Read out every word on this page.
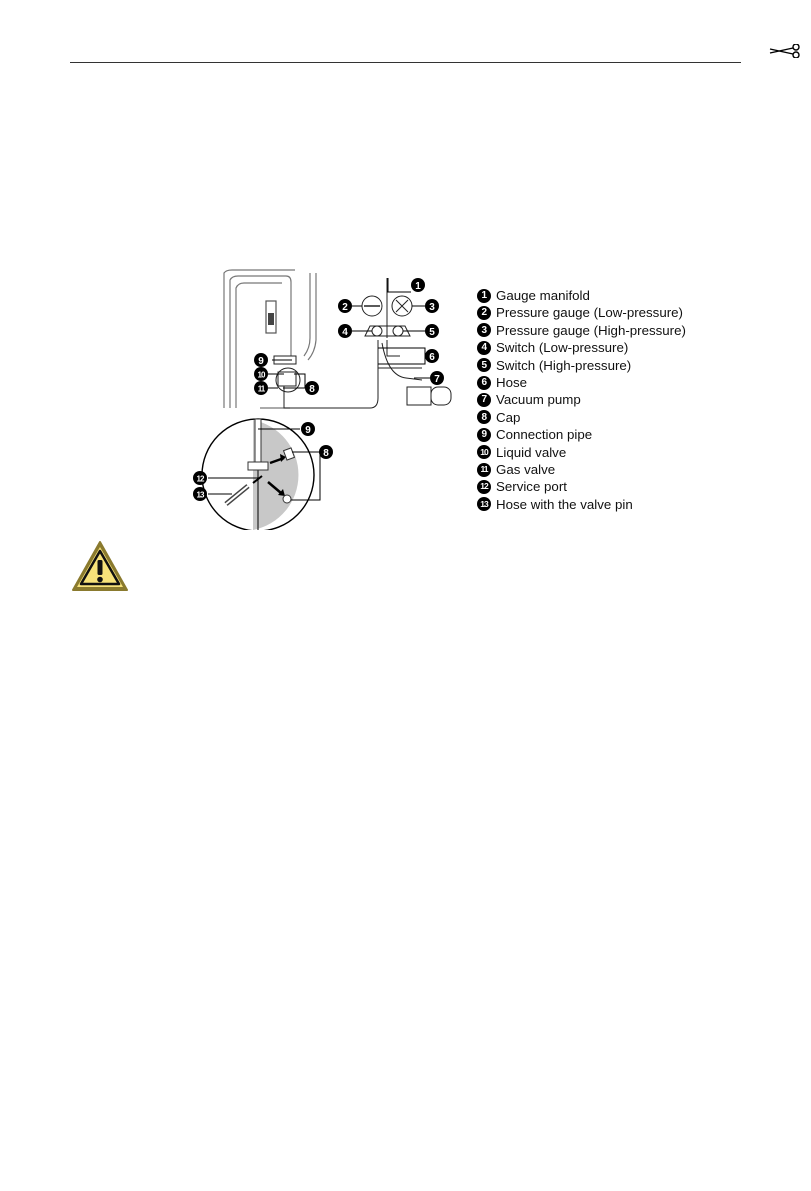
1
2	3
4	5
6
7
8
9
10
11
9
8
12
13
1 Gauge manifold
2 Pressure gauge (Low-pressure)
3 Pressure gauge (High-pressure)
4 Switch (Low-pressure)
5 Switch (High-pressure)
6 Hose
7 Vacuum pump
8 Cap
9 Connection pipe
10 Liquid valve
11 Gas valve
12 Service port
13 Hose with the valve pin
